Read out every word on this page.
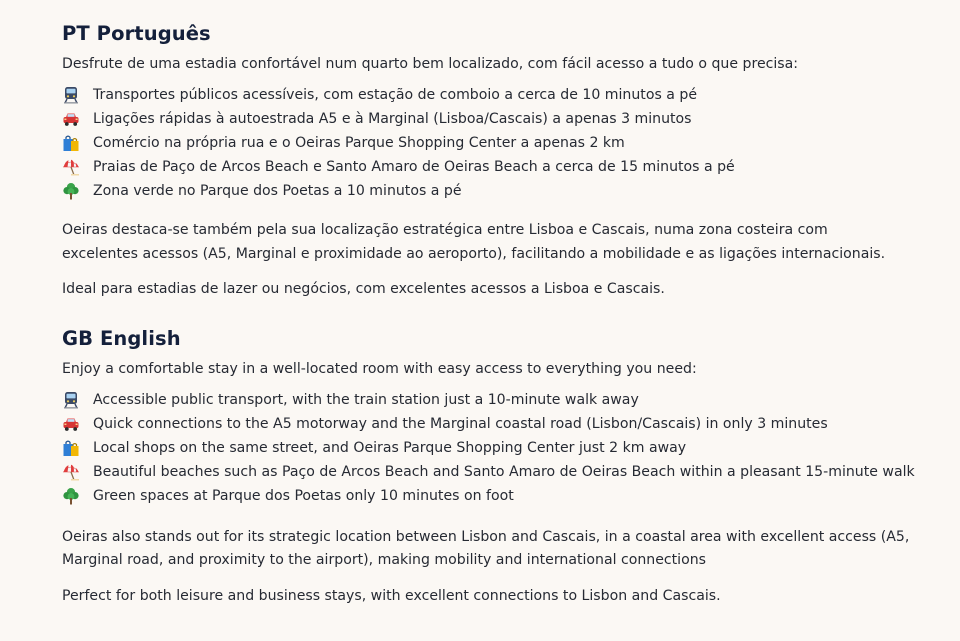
PT Português

Desfrute de uma estadia confortável num quarto bem localizado, com fácil acesso a tudo o que precisa:

Transportes públicos acessíveis, com estação de comboio a cerca de 10 minutos a pé
Ligações rápidas à autoestrada A5 e à Marginal (Lisboa/Cascais) a apenas 3 minutos
Comércio na própria rua e o Oeiras Parque Shopping Center a apenas 2 km
Praias de Paço de Arcos Beach e Santo Amaro de Oeiras Beach a cerca de 15 minutos a pé
Zona verde no Parque dos Poetas a 10 minutos a pé

Oeiras destaca-se também pela sua localização estratégica entre Lisboa e Cascais, numa zona costeira com
excelentes acessos (A5, Marginal e proximidade ao aeroporto), facilitando a mobilidade e as ligações internacionais.

Ideal para estadias de lazer ou negócios, com excelentes acessos a Lisboa e Cascais.

GB English

Enjoy a comfortable stay in a well-located room with easy access to everything you need:

Accessible public transport, with the train station just a 10-minute walk away
Quick connections to the A5 motorway and the Marginal coastal road (Lisbon/Cascais) in only 3 minutes
Local shops on the same street, and Oeiras Parque Shopping Center just 2 km away
Beautiful beaches such as Paço de Arcos Beach and Santo Amaro de Oeiras Beach within a pleasant 15-minute walk
Green spaces at Parque dos Poetas only 10 minutes on foot

Oeiras also stands out for its strategic location between Lisbon and Cascais, in a coastal area with excellent access (A5,
Marginal road, and proximity to the airport), making mobility and international connections

Perfect for both leisure and business stays, with excellent connections to Lisbon and Cascais.
